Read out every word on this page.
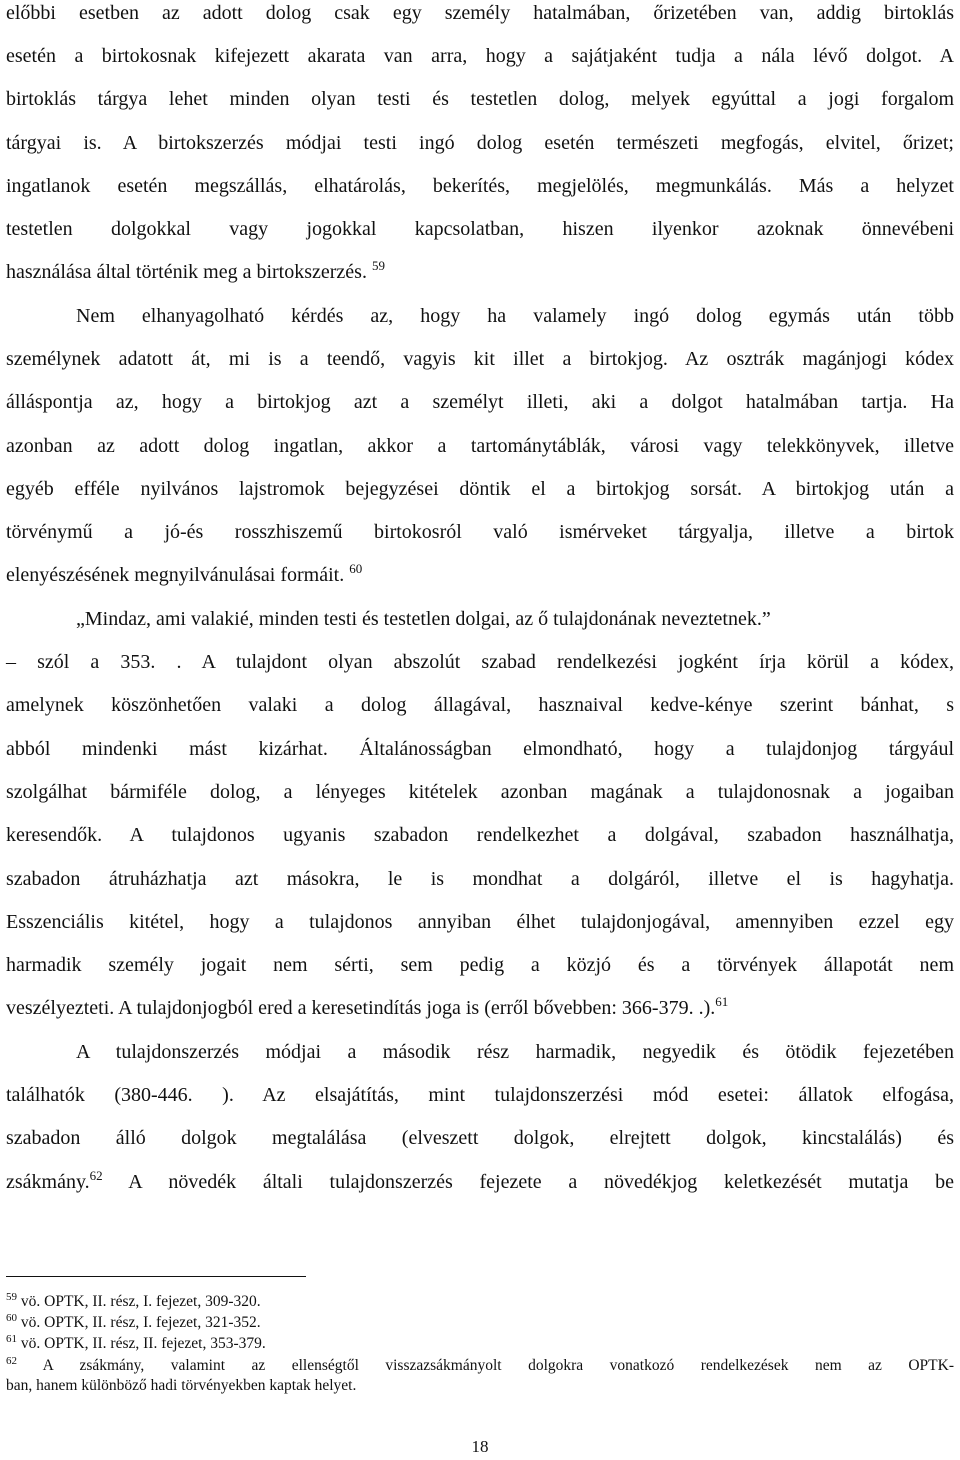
előbbi esetben az adott dolog csak egy személy hatalmában, őrizetében van, addig birtoklás
esetén a birtokosnak kifejezett akarata van arra, hogy a sajátjaként tudja a nála lévő dolgot. A
birtoklás tárgya lehet minden olyan testi és testetlen dolog, melyek egyúttal a jogi forgalom
tárgyai is. A birtokszerzés módjai testi ingó dolog esetén természeti megfogás, elvitel, őrizet;
ingatlanok esetén megszállás, elhatárolás, bekerítés, megjelölés, megmunkálás. Más a helyzet
testetlen dolgokkal vagy jogokkal kapcsolatban, hiszen ilyenkor azoknak önnevébeni
használása által történik meg a birtokszerzés. $^{59}$
Nem elhanyagolható kérdés az, hogy ha valamely ingó dolog egymás után több
személynek adatott át, mi is a teendő, vagyis kit illet a birtokjog. Az osztrák magánjogi kódex
álláspontja az, hogy a birtokjog azt a személyt illeti, aki a dolgot hatalmában tartja. Ha
azonban az adott dolog ingatlan, akkor a tartománytáblák, városi vagy telekkönyvek, illetve
egyéb efféle nyilvános lajstromok bejegyzései döntik el a birtokjog sorsát. A birtokjog után a
törvénymű a jó-és rosszhiszemű birtokosról való ismérveket tárgyalja, illetve a birtok
elenyészésének megnyilvánulásai formáit. $^{60}$
„Mindaz, ami valakié, minden testi és testetlen dolgai, az ő tulajdonának neveztetnek.”
– szól a 353. . A tulajdont olyan abszolút szabad rendelkezési jogként írja körül a kódex,
amelynek köszönhetően valaki a dolog állagával, hasznaival kedve-kénye szerint bánhat, s
abból mindenki mást kizárhat. Általánosságban elmondható, hogy a tulajdonjog tárgyául
szolgálhat bármiféle dolog, a lényeges kitételek azonban magának a tulajdonosnak a jogaiban
keresendők. A tulajdonos ugyanis szabadon rendelkezhet a dolgával, szabadon használhatja,
szabadon átruházhatja azt másokra, le is mondhat a dolgáról, illetve el is hagyhatja.
Esszenciális kitétel, hogy a tulajdonos annyiban élhet tulajdonjogával, amennyiben ezzel egy
harmadik személy jogait nem sérti, sem pedig a közjó és a törvények állapotát nem
veszélyezteti. A tulajdonjogból ered a keresetindítás joga is (erről bővebben: 366-379. .).$^{61}$
A tulajdonszerzés módjai a második rész harmadik, negyedik és ötödik fejezetében
találhatók (380-446. ). Az elsajátítás, mint tulajdonszerzési mód esetei: állatok elfogása,
szabadon álló dolgok megtalálása (elveszett dolgok, elrejtett dolgok, kincstalálás) és
zsákmány.$^{62}$ A növedék általi tulajdonszerzés fejezete a növedékjog keletkezését mutatja be
$^{59}$ vö. OPTK, II. rész, I. fejezet, 309-320.
$^{60}$ vö. OPTK, II. rész, I. fejezet, 321-352.
$^{61}$ vö. OPTK, II. rész, II. fejezet, 353-379.
$^{62}$ A zsákmány, valamint az ellenségtől visszazsákmányolt dolgokra vonatkozó rendelkezések nem az OPTK-
ban, hanem különböző hadi törvényekben kaptak helyet.
18
